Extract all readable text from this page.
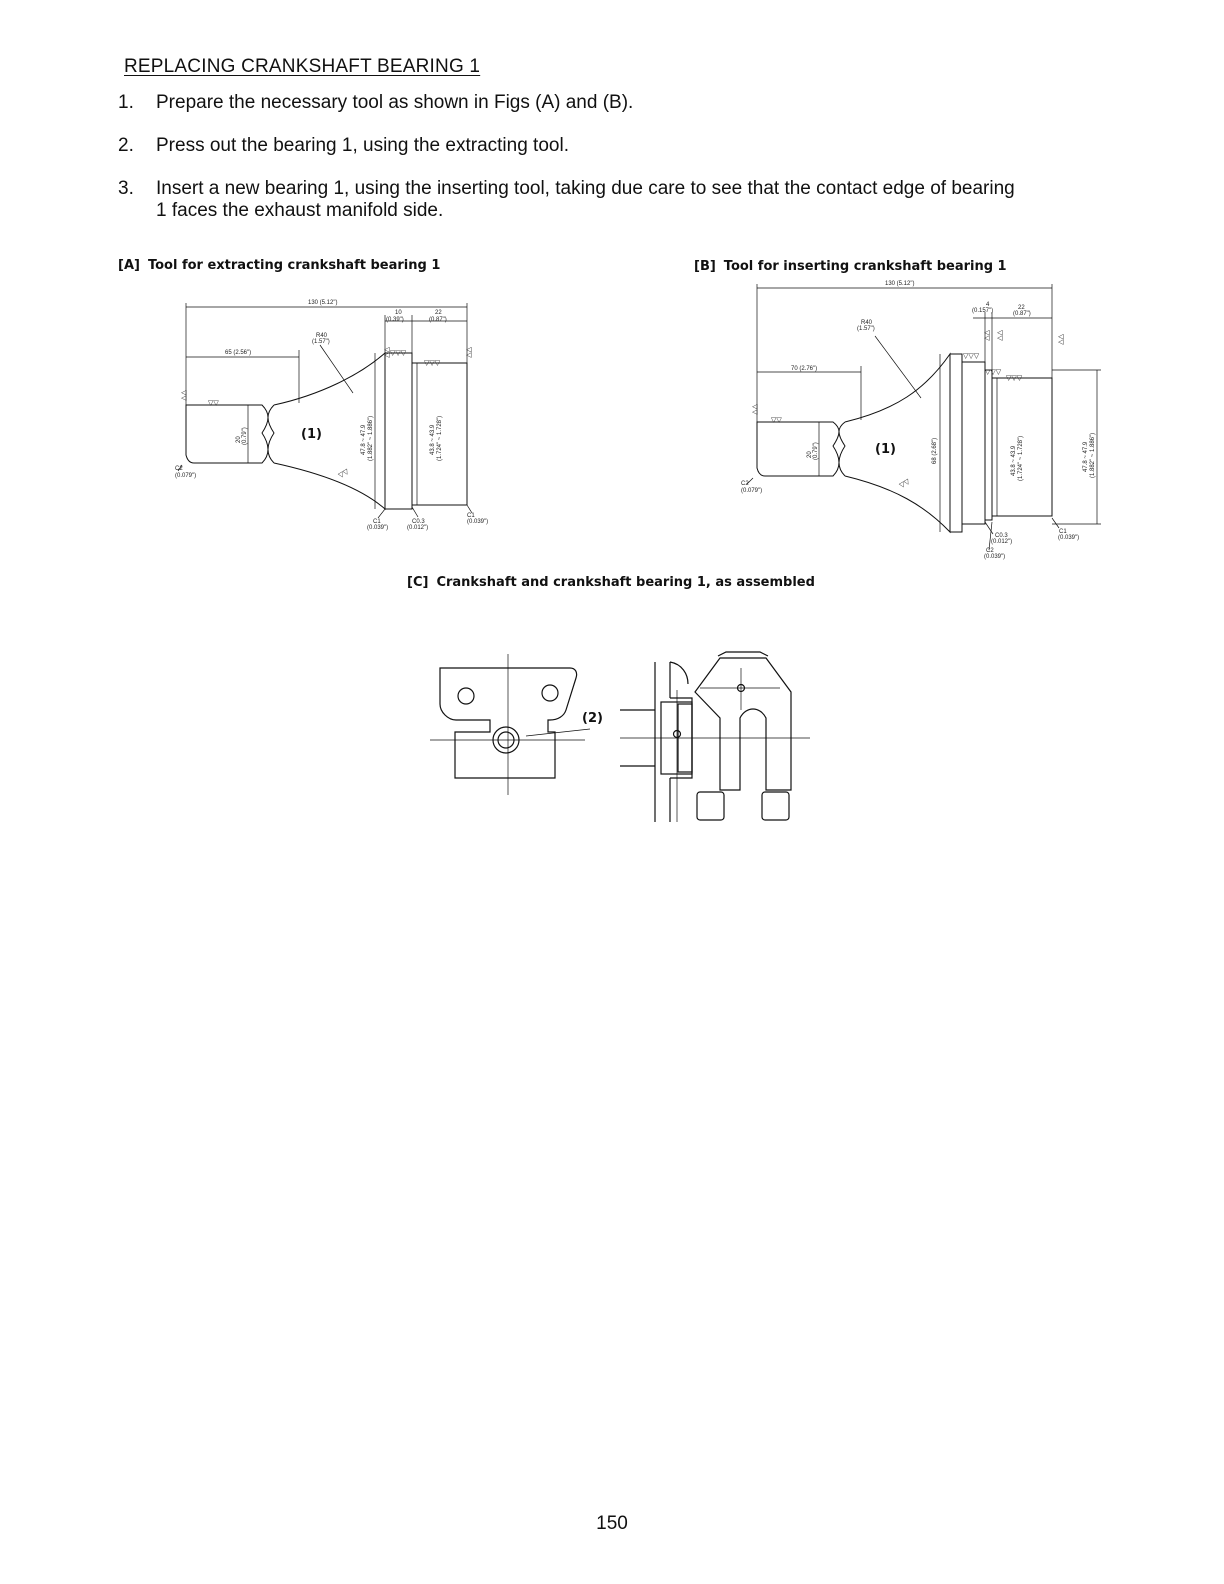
REPLACING CRANKSHAFT BEARING 1
1.	Prepare the necessary tool as shown in Figs (A) and (B).
2.	Press out the bearing 1, using the extracting tool.
3.	Insert a new bearing 1, using the inserting tool, taking due care to see that the contact edge of bearing 1 faces the exhaust manifold side.
[A] Tool for extracting crankshaft bearing 1	[B] Tool for inserting crankshaft bearing 1
[C] Crankshaft and crankshaft bearing 1, as assembled
▽▽
▽▽▽
▽▽▽
▽▽
▽▽	▽▽
▽▽
130 (5.12")
65 (2.56")
R40
(1.57")
10
(0.39")
22
(0.87")
20 (0.79")	47.8 ~ 47.9 (1.882" ~ 1.886")	43.8 ~ 43.9 (1.724" ~ 1.728")
C2
(0.079")
C1
(0.039")
C0.3
(0.012")
C1
(0.039")
(1)
▽▽
▽▽▽
▽▽▽
▽▽▽
▽▽
▽▽ ▽▽	▽▽
▽▽
130 (5.12")
70 (2.76")
R40
(1.57")
4
(0.157")	22
(0.87")
20 (0.79")	68 (2.68")	43.8 ~ 43.9 (1.724" ~ 1.728")	47.8 ~ 47.9 (1.882" ~ 1.886")
C2
(0.079")
C0.3
(0.012")
C2
(0.039")
C1
(0.039")
(1)
(2)
150
